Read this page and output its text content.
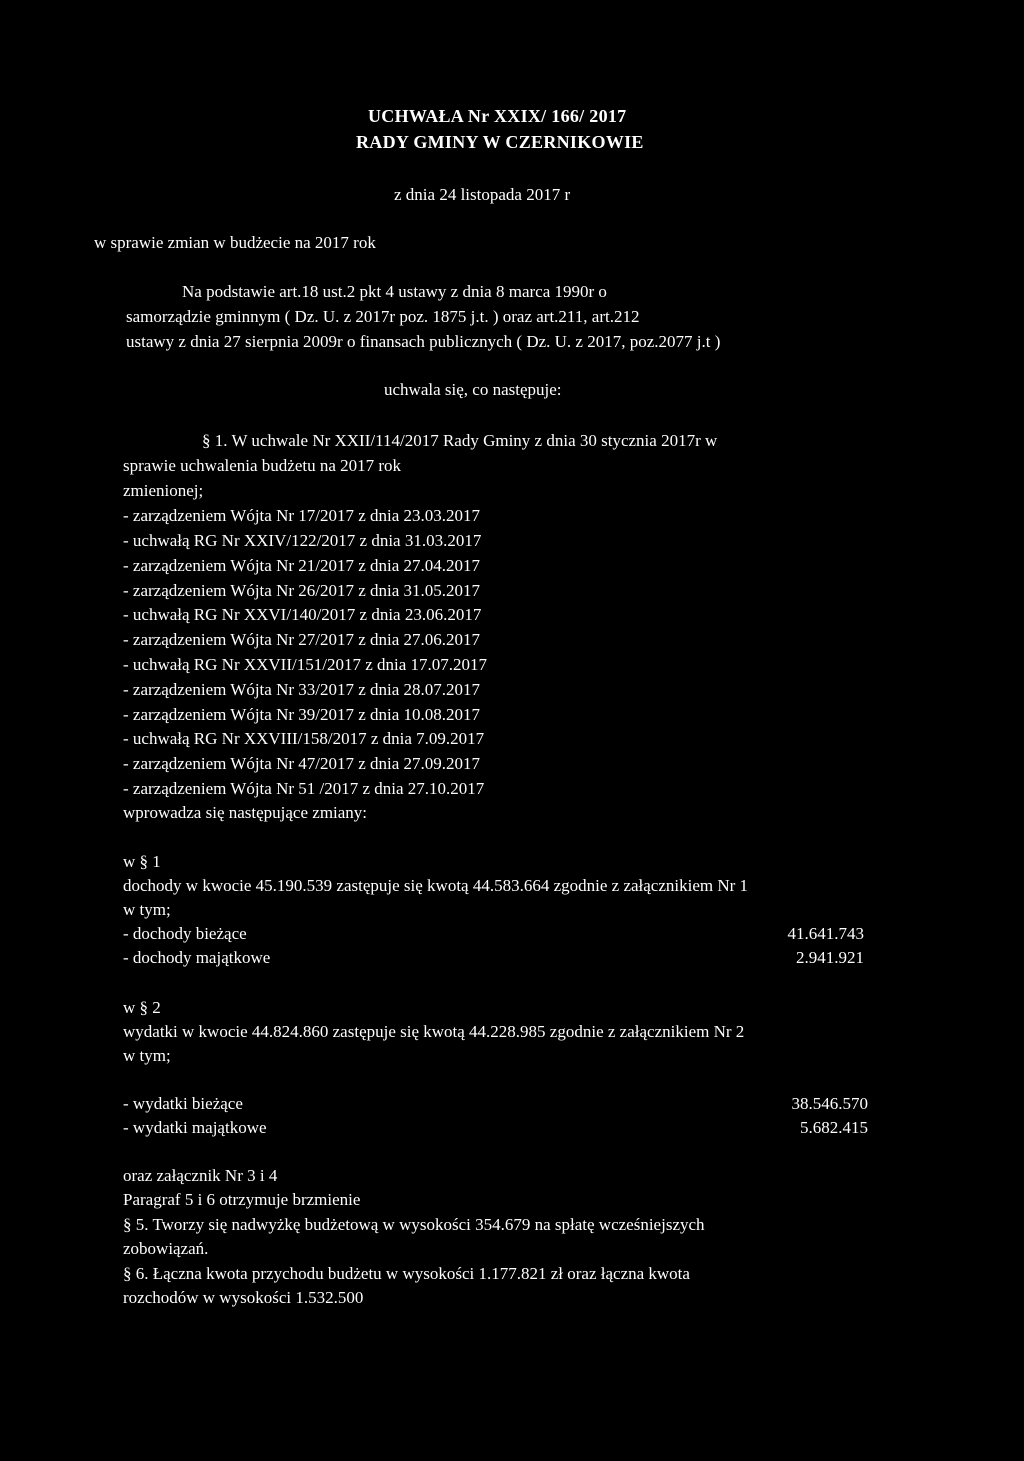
UCHWAŁA Nr XXIX/ 166/ 2017
RADY GMINY W CZERNIKOWIE
z dnia 24 listopada 2017 r
w sprawie zmian w budżecie na 2017 rok
Na podstawie art.18 ust.2 pkt 4 ustawy z dnia 8 marca 1990r o
samorządzie gminnym ( Dz. U. z 2017r poz. 1875 j.t. ) oraz art.211, art.212
ustawy z dnia 27 sierpnia 2009r o finansach publicznych ( Dz. U. z 2017, poz.2077 j.t )
uchwala się, co następuje:
§ 1. W uchwale Nr XXII/114/2017 Rady Gminy z dnia 30 stycznia 2017r w
sprawie uchwalenia budżetu na 2017 rok
zmienionej;
- zarządzeniem Wójta Nr 17/2017 z dnia 23.03.2017
- uchwałą RG Nr XXIV/122/2017 z dnia 31.03.2017
- zarządzeniem Wójta Nr 21/2017 z dnia 27.04.2017
- zarządzeniem Wójta Nr 26/2017 z dnia 31.05.2017
- uchwałą RG Nr XXVI/140/2017 z dnia 23.06.2017
- zarządzeniem Wójta Nr 27/2017 z dnia 27.06.2017
- uchwałą RG Nr XXVII/151/2017 z dnia 17.07.2017
- zarządzeniem Wójta Nr 33/2017 z dnia 28.07.2017
- zarządzeniem Wójta Nr 39/2017 z dnia 10.08.2017
- uchwałą RG Nr XXVIII/158/2017 z dnia 7.09.2017
- zarządzeniem Wójta Nr 47/2017 z dnia 27.09.2017
- zarządzeniem Wójta Nr 51 /2017 z dnia 27.10.2017
wprowadza się następujące zmiany:
w § 1
dochody w kwocie 45.190.539 zastępuje się kwotą 44.583.664 zgodnie z załącznikiem Nr 1
w tym;
- dochody bieżące	41.641.743
- dochody majątkowe	2.941.921
w § 2
wydatki w kwocie 44.824.860 zastępuje się kwotą 44.228.985 zgodnie z załącznikiem Nr 2
w tym;
- wydatki bieżące	38.546.570
- wydatki majątkowe	5.682.415
oraz załącznik Nr 3 i 4
Paragraf 5 i 6 otrzymuje brzmienie
§ 5. Tworzy się nadwyżkę budżetową w wysokości 354.679 na spłatę wcześniejszych
zobowiązań.
§ 6. Łączna kwota przychodu budżetu w wysokości 1.177.821 zł oraz łączna kwota
rozchodów w wysokości 1.532.500
